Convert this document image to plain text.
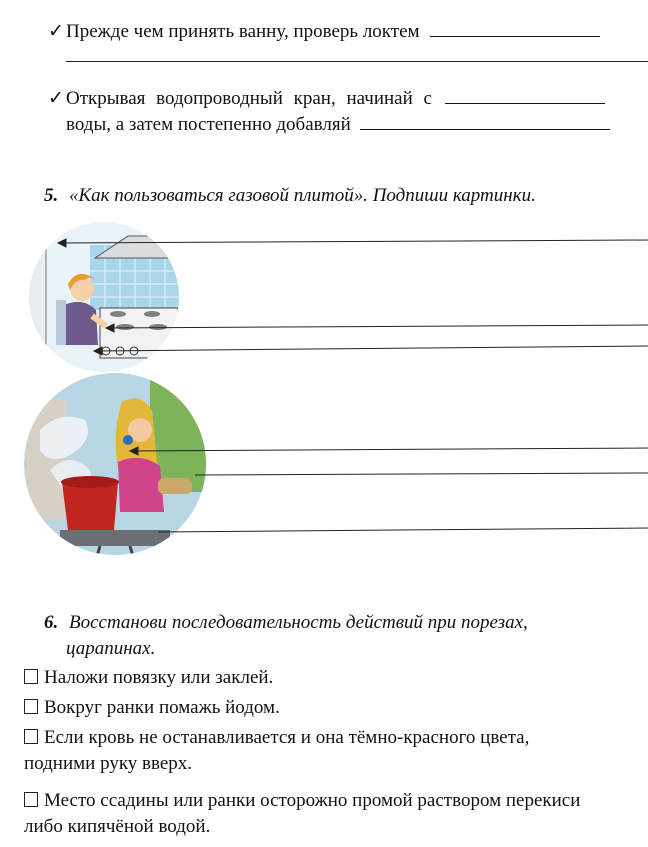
✓ Прежде чем принять ванну, проверь локтем
✓ Открывая водопроводный кран, начинай с
воды, а затем постепенно добавляй
5. «Как пользоваться газовой плитой». Подпиши картинки.
6. Восстанови последовательность действий при порезах,
царапинах.
Наложи повязку или заклей.
Вокруг ранки помажь йодом.
Если кровь не останавливается и она тёмно-красного цвета,
подними руку вверх.
Место ссадины или ранки осторожно промой раствором перекиси
либо кипячёной водой.
